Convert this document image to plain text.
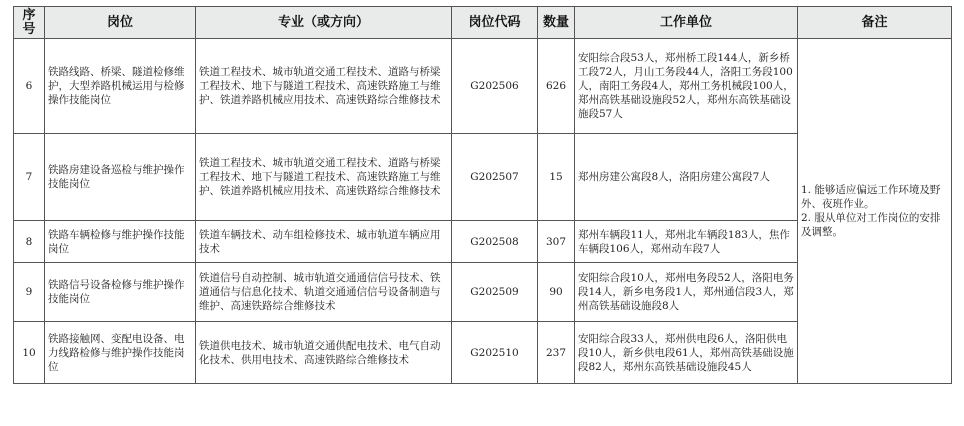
序号	岗位	专业（或方向）	岗位代码	数量	工作单位	备注
6	铁路线路、桥梁、隧道检修维护，大型养路机械运用与检修操作技能岗位	铁道工程技术、城市轨道交通工程技术、道路与桥梁工程技术、地下与隧道工程技术、高速铁路施工与维护、铁道养路机械应用技术、高速铁路综合维修技术	G202506	626	安阳综合段53人，郑州桥工段144人，新乡桥工段72人，月山工务段44人，洛阳工务段100人，南阳工务段4人，郑州工务机械段100人，郑州高铁基础设施段52人，郑州东高铁基础设施段57人	1. 能够适应偏远工作环境及野外、夜班作业。
2. 服从单位对工作岗位的安排及调整。

7	铁路房建设备巡检与维护操作技能岗位	铁道工程技术、城市轨道交通工程技术、道路与桥梁工程技术、地下与隧道工程技术、高速铁路施工与维护、铁道养路机械应用技术、高速铁路综合维修技术	G202507	15	郑州房建公寓段8人，洛阳房建公寓段7人	
8	铁路车辆检修与维护操作技能岗位	铁道车辆技术、动车组检修技术、城市轨道车辆应用技术	G202508	307	郑州车辆段11人，郑州北车辆段183人，焦作车辆段106人，郑州动车段7人	
9	铁路信号设备检修与维护操作技能岗位	铁道信号自动控制、城市轨道交通通信信号技术、铁道通信与信息化技术、轨道交通通信信号设备制造与维护、高速铁路综合维修技术	G202509	90	安阳综合段10人，郑州电务段52人，洛阳电务段14人，新乡电务段1人，郑州通信段3人，郑州高铁基础设施段8人	
10	铁路接触网、变配电设备、电力线路检修与维护操作技能岗位	铁道供电技术、城市轨道交通供配电技术、电气自动化技术、供用电技术、高速铁路综合维修技术	G202510	237	安阳综合段33人，郑州供电段6人，洛阳供电段10人，新乡供电段61人，郑州高铁基础设施段82人，郑州东高铁基础设施段45人	
